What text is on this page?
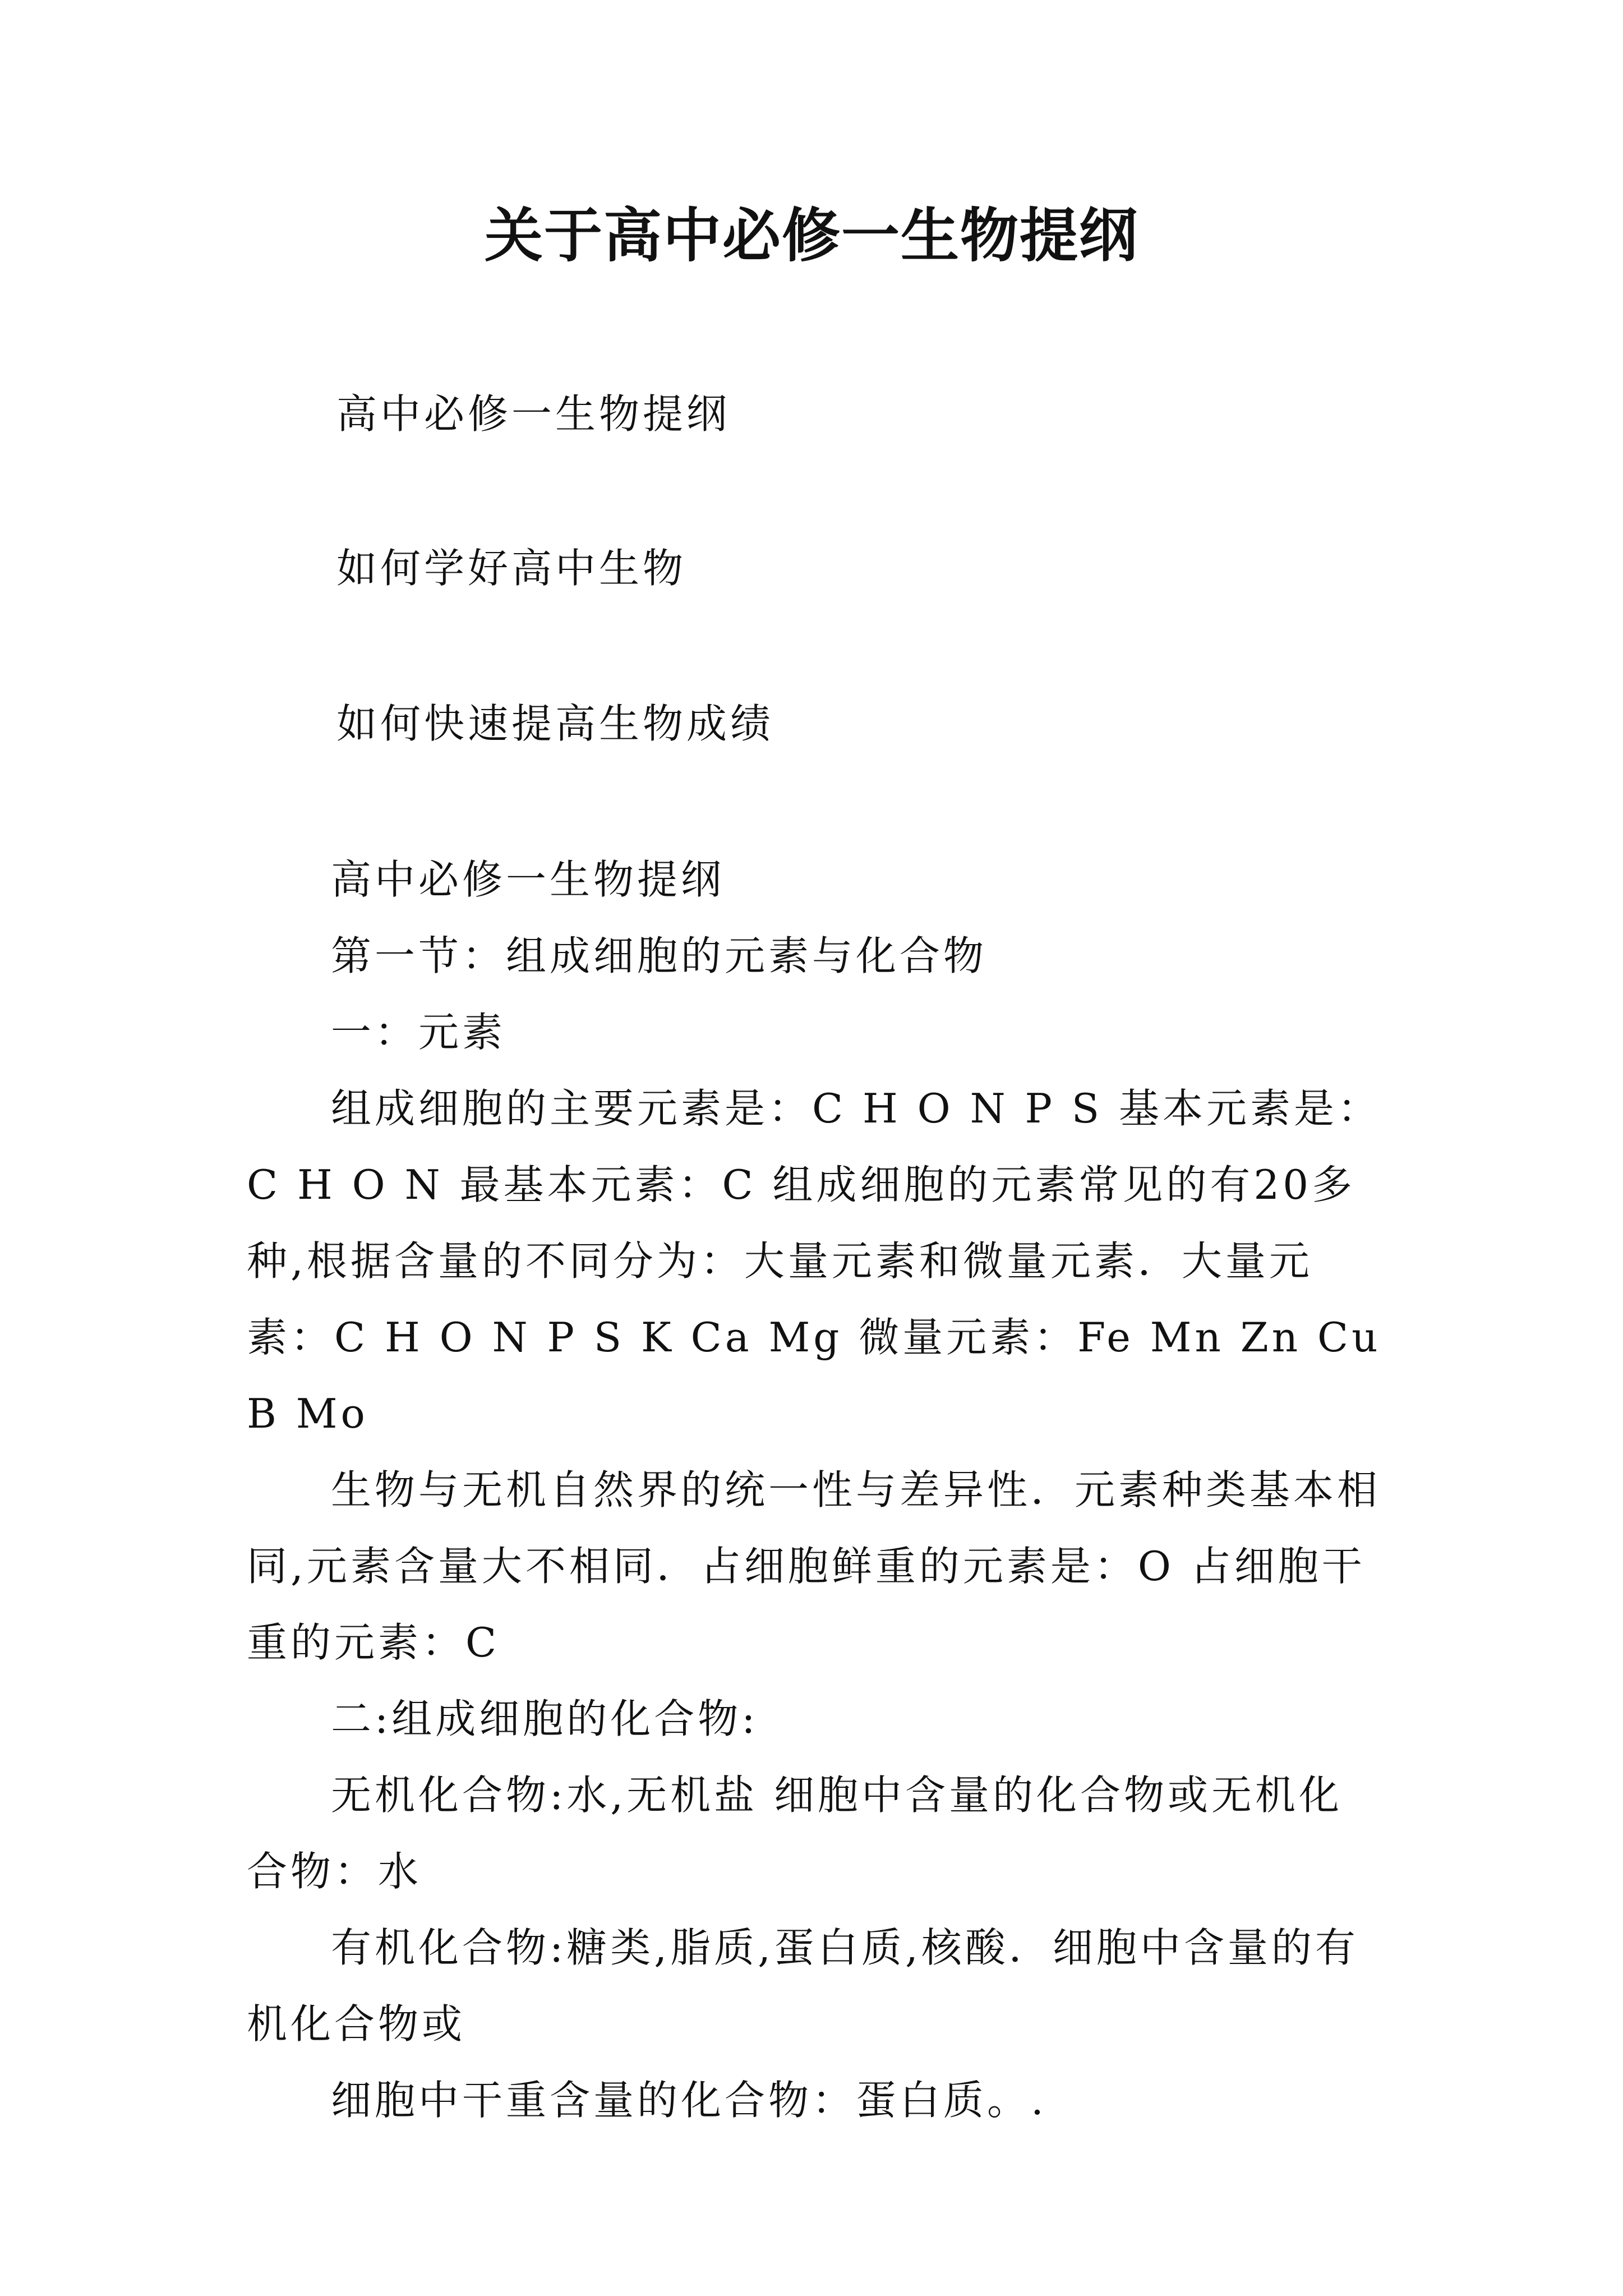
关于高中必修一生物提纲
高中必修一生物提纲
如何学好高中生物
如何快速提高生物成绩

高中必修一生物提纲

第一节：组成细胞的元素与化合物

一：元素

组成细胞的主要元素是：C H O N P S 基本元素是：C H O N 最基本元素：C 组成细胞的元素常见的有20多种,根据含量的不同分为：大量元素和微量元素．大量元素：C H O N P S K Ca Mg 微量元素：Fe Mn Zn Cu B Mo

生物与无机自然界的统一性与差异性．元素种类基本相同,元素含量大不相同．占细胞鲜重的元素是：O 占细胞干重的元素：C

二:组成细胞的化合物:

无机化合物:水,无机盐 细胞中含量的化合物或无机化合物：水

有机化合物:糖类,脂质,蛋白质,核酸．细胞中含量的有机化合物或

细胞中干重含量的化合物：蛋白质。.
